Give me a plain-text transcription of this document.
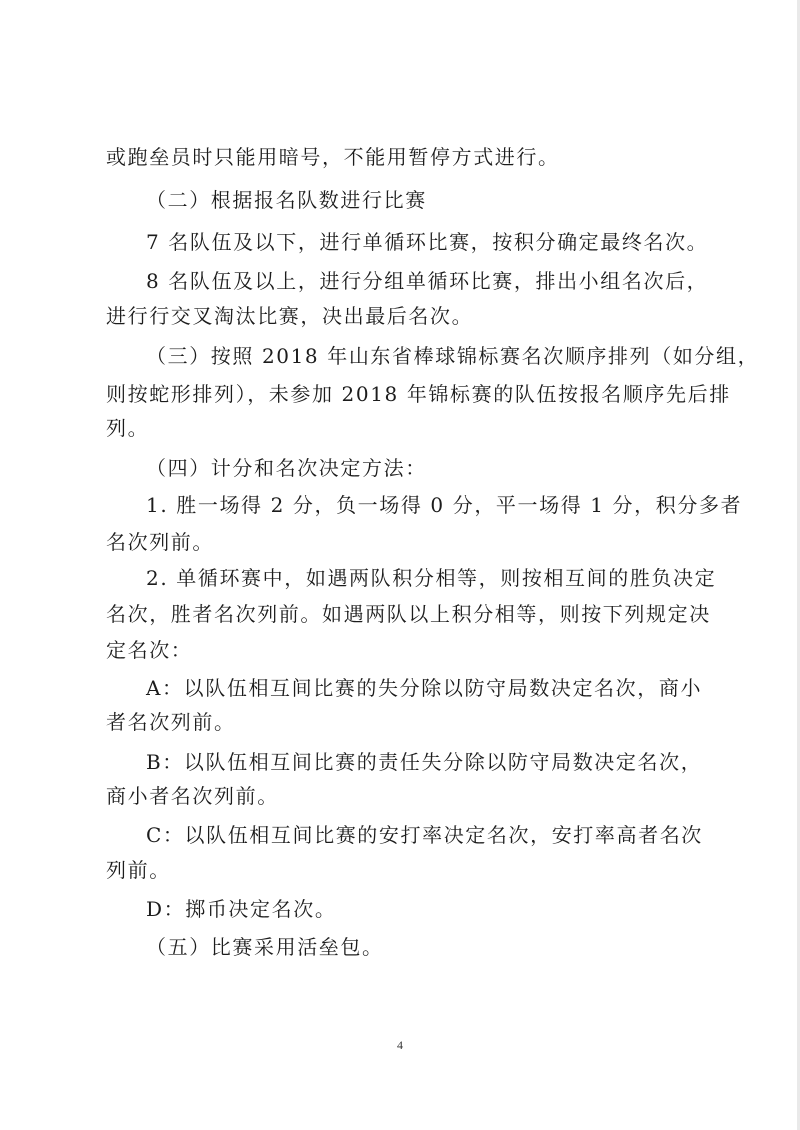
或跑垒员时只能用暗号，不能用暂停方式进行。
（二）根据报名队数进行比赛
7 名队伍及以下，进行单循环比赛，按积分确定最终名次。
8 名队伍及以上，进行分组单循环比赛，排出小组名次后，
进行行交叉淘汰比赛，决出最后名次。
（三）按照 2018 年山东省棒球锦标赛名次顺序排列（如分组，
则按蛇形排列），未参加 2018 年锦标赛的队伍按报名顺序先后排
列。
（四）计分和名次决定方法：
1. 胜一场得 2 分，负一场得 0 分，平一场得 1 分，积分多者
名次列前。
2. 单循环赛中，如遇两队积分相等，则按相互间的胜负决定
名次，胜者名次列前。如遇两队以上积分相等，则按下列规定决
定名次：
A：以队伍相互间比赛的失分除以防守局数决定名次，商小
者名次列前。
B：以队伍相互间比赛的责任失分除以防守局数决定名次，
商小者名次列前。
C：以队伍相互间比赛的安打率决定名次，安打率高者名次
列前。
D：掷币决定名次。
（五）比赛采用活垒包。
4
